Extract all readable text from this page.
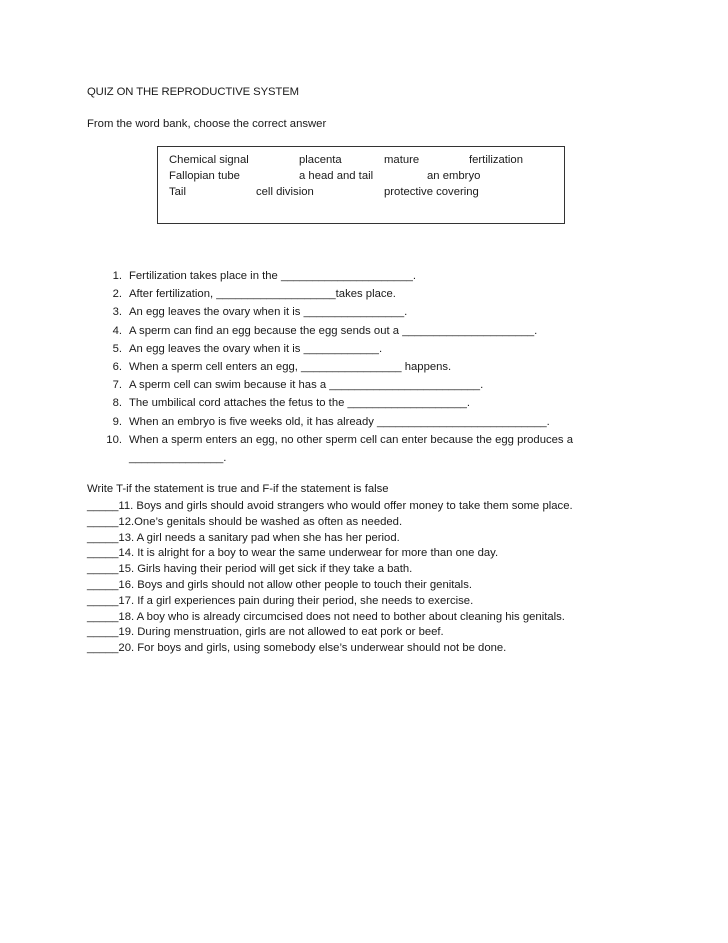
QUIZ ON THE REPRODUCTIVE SYSTEM
From the word bank, choose the correct answer
Chemical signal	placenta	mature	fertilization
Fallopian tube	a head and tail	an embryo
Tail	cell division	protective covering
1. Fertilization takes place in the _____________________.
2. After fertilization, ___________________takes place.
3. An egg leaves the ovary when it is ________________.
4. A sperm can find an egg because the egg sends out a _____________________.
5. An egg leaves the ovary when it is ____________.
6. When a sperm cell enters an egg, ________________ happens.
7. A sperm cell can swim because it has a ________________________.
8. The umbilical cord attaches the fetus to the ___________________.
9. When an embryo is five weeks old, it has already ___________________________.
10. When a sperm enters an egg, no other sperm cell can enter because the egg produces a
_______________.
Write T-if the statement is true and F-if the statement is false
_____11. Boys and girls should avoid strangers who would offer money to take them some place.
_____12.One’s genitals should be washed as often as needed.
_____13. A girl needs a sanitary pad when she has her period.
_____14. It is alright for a boy to wear the same underwear for more than one day.
_____15. Girls having their period will get sick if they take a bath.
_____16. Boys and girls should not allow other people to touch their genitals.
_____17. If a girl experiences pain during their period, she needs to exercise.
_____18. A boy who is already circumcised does not need to bother about cleaning his genitals.
_____19. During menstruation, girls are not allowed to eat pork or beef.
_____20. For boys and girls, using somebody else’s underwear should not be done.
